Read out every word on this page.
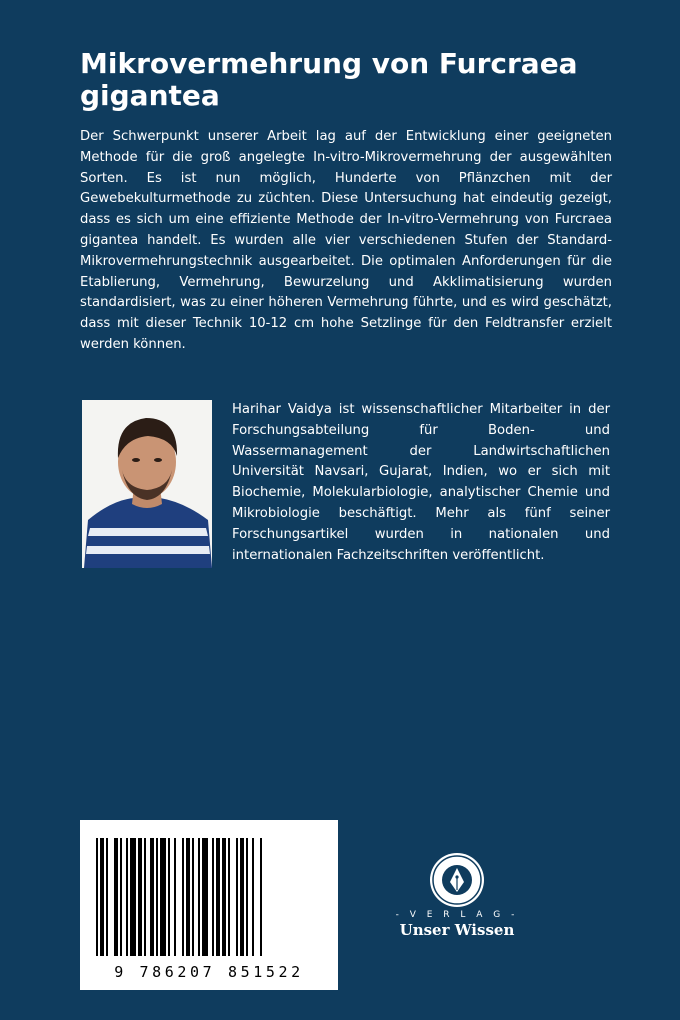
Mikrovermehrung von Furcraea gigantea

Der Schwerpunkt unserer Arbeit lag auf der Entwicklung einer geeigneten Methode für die groß angelegte In-vitro-Mikrovermehrung der ausgewählten Sorten. Es ist nun möglich, Hunderte von Pflänzchen mit der Gewebekulturmethode zu züchten. Diese Untersuchung hat eindeutig gezeigt, dass es sich um eine effiziente Methode der In-vitro-Vermehrung von Furcraea gigantea handelt. Es wurden alle vier verschiedenen Stufen der Standard-Mikrovermehrungstechnik ausgearbeitet. Die optimalen Anforderungen für die Etablierung, Vermehrung, Bewurzelung und Akklimatisierung wurden standardisiert, was zu einer höheren Vermehrung führte, und es wird geschätzt, dass mit dieser Technik 10-12 cm hohe Setzlinge für den Feldtransfer erzielt werden können.

Harihar Vaidya ist wissenschaftlicher Mitarbeiter in der Forschungsabteilung für Boden- und Wassermanagement der Landwirtschaftlichen Universität Navsari, Gujarat, Indien, wo er sich mit Biochemie, Molekularbiologie, analytischer Chemie und Mikrobiologie beschäftigt. Mehr als fünf seiner Forschungsartikel wurden in nationalen und internationalen Fachzeitschriften veröffentlicht.

9 786207 851522
- V E R L A G -
Unser Wissen
